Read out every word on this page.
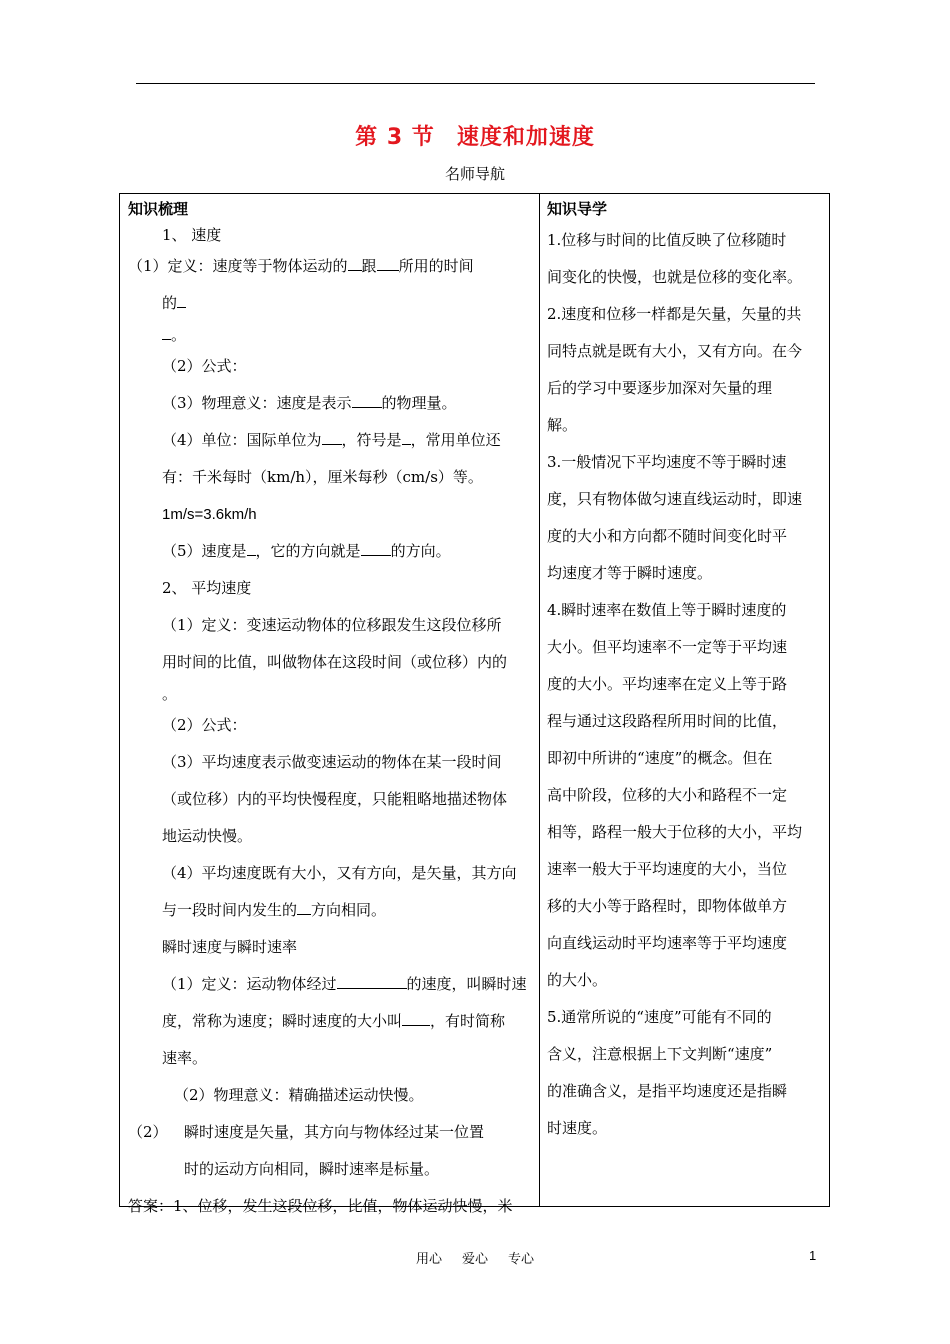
第 3 节 速度和加速度
名师导航
知识梳理
1、 速度
（1）定义：速度等于物体运动的 跟 所用的时间
的
。
（2）公式：
（3）物理意义：速度是表示 的物理量。
（4）单位：国际单位为 ，符号是 ，常用单位还
有：千米每时（km/h），厘米每秒（cm/s）等。
1m/s=3.6km/h
（5）速度是 ，它的方向就是 的方向。
2、 平均速度
（1）定义：变速运动物体的位移跟发生这段位移所
用时间的比值，叫做物体在这段时间（或位移）内的
。
（2）公式：
（3）平均速度表示做变速运动的物体在某一段时间
（或位移）内的平均快慢程度，只能粗略地描述物体
地运动快慢。
（4）平均速度既有大小，又有方向，是矢量，其方向
与一段时间内发生的 方向相同。
瞬时速度与瞬时速率
（1）定义：运动物体经过	的速度，叫瞬时速
度，常称为速度；瞬时速度的大小叫 ，有时简称
速率。
（2）物理意义：精确描述运动快慢。
（2） 瞬时速度是矢量，其方向与物体经过某一位置
时的运动方向相同，瞬时速率是标量。
答案：1、位移，发生这段位移，比值，物体运动快慢，米
知识导学
1.位移与时间的比值反映了位移随时
间变化的快慢，也就是位移的变化率。
2.速度和位移一样都是矢量，矢量的共
同特点就是既有大小，又有方向。在今
后的学习中要逐步加深对矢量的理
解。
3.一般情况下平均速度不等于瞬时速
度，只有物体做匀速直线运动时，即速
度的大小和方向都不随时间变化时平
均速度才等于瞬时速度。
4.瞬时速率在数值上等于瞬时速度的
大小。但平均速率不一定等于平均速
度的大小。平均速率在定义上等于路
程与通过这段路程所用时间的比值，
即初中所讲的“速度”的概念。但在
高中阶段，位移的大小和路程不一定
相等，路程一般大于位移的大小，平均
速率一般大于平均速度的大小，当位
移的大小等于路程时，即物体做单方
向直线运动时平均速率等于平均速度
的大小。
5.通常所说的“速度”可能有不同的
含义，注意根据上下文判断“速度”
的准确含义，是指平均速度还是指瞬
时速度。
用心 爱心 专心	1
